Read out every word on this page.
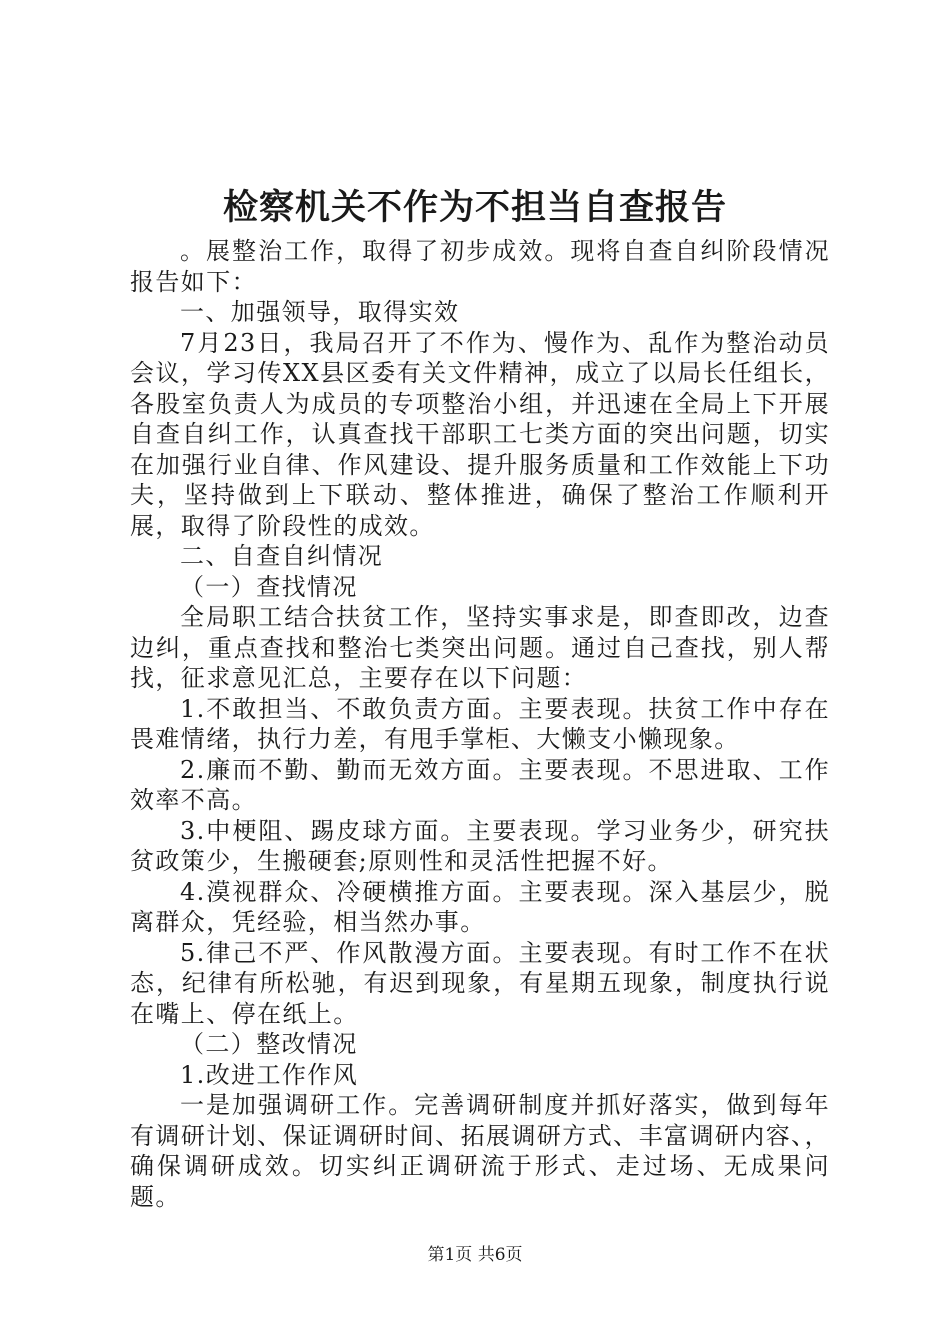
检察机关不作为不担当自查报告

。展整治工作，取得了初步成效。现将自查自纠阶段情况报告如下：

一、加强领导，取得实效

7月23日，我局召开了不作为、慢作为、乱作为整治动员会议，学习传XX县区委有关文件精神，成立了以局长任组长，各股室负责人为成员的专项整治小组，并迅速在全局上下开展自查自纠工作，认真查找干部职工七类方面的突出问题，切实在加强行业自律、作风建设、提升服务质量和工作效能上下功夫，坚持做到上下联动、整体推进，确保了整治工作顺利开展，取得了阶段性的成效。

二、自查自纠情况

（一）查找情况

全局职工结合扶贫工作，坚持实事求是，即查即改，边查边纠，重点查找和整治七类突出问题。通过自己查找，别人帮找，征求意见汇总，主要存在以下问题：

1.不敢担当、不敢负责方面。主要表现。扶贫工作中存在畏难情绪，执行力差，有甩手掌柜、大懒支小懒现象。

2.廉而不勤、勤而无效方面。主要表现。不思进取、工作效率不高。

3.中梗阻、踢皮球方面。主要表现。学习业务少，研究扶贫政策少，生搬硬套;原则性和灵活性把握不好。

4.漠视群众、冷硬横推方面。主要表现。深入基层少，脱离群众，凭经验，相当然办事。

5.律己不严、作风散漫方面。主要表现。有时工作不在状态，纪律有所松驰，有迟到现象，有星期五现象，制度执行说在嘴上、停在纸上。

（二）整改情况

1.改进工作作风

一是加强调研工作。完善调研制度并抓好落实，做到每年有调研计划、保证调研时间、拓展调研方式、丰富调研内容、，确保调研成效。切实纠正调研流于形式、走过场、无成果问题。

第1页 共6页
